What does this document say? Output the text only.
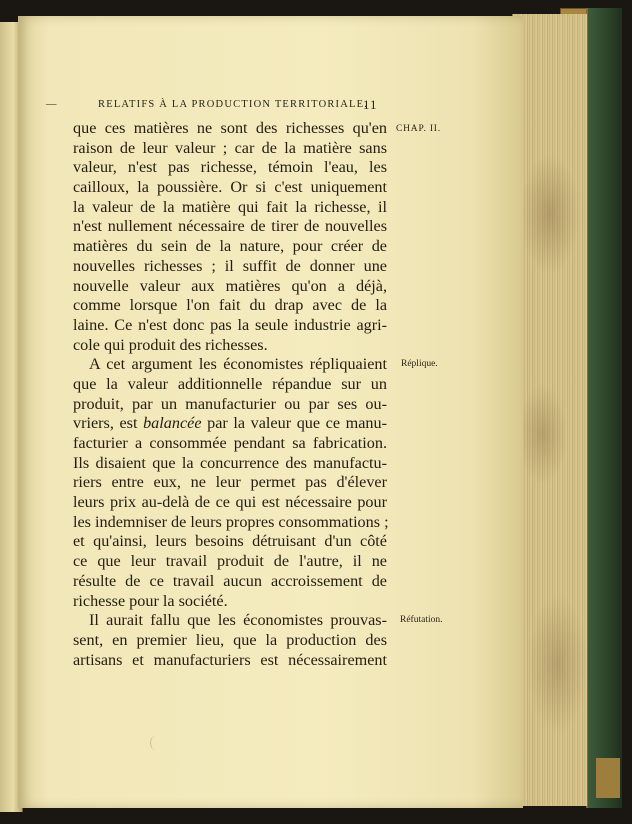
—	RELATIFS À LA PRODUCTION TERRITORIALE.
11
que ces matières ne sont des richesses qu'en
raison de leur valeur ; car de la matière sans
valeur, n'est pas richesse, témoin l'eau, les
cailloux, la poussière. Or si c'est uniquement
la valeur de la matière qui fait la richesse, il
n'est nullement nécessaire de tirer de nouvelles
matières du sein de la nature, pour créer de
nouvelles richesses ; il suffit de donner une
nouvelle valeur aux matières qu'on a déjà,
comme lorsque l'on fait du drap avec de la
laine. Ce n'est donc pas la seule industrie agri-
cole qui produit des richesses.
A cet argument les économistes répliquaient
que la valeur additionnelle répandue sur un
produit, par un manufacturier ou par ses ou-
vriers, est balancée par la valeur que ce manu-
facturier a consommée pendant sa fabrication.
Ils disaient que la concurrence des manufactu-
riers entre eux, ne leur permet pas d'élever
leurs prix au-delà de ce qui est nécessaire pour
les indemniser de leurs propres consommations ;
et qu'ainsi, leurs besoins détruisant d'un côté
ce que leur travail produit de l'autre, il ne
résulte de ce travail aucun accroissement de
richesse pour la société.
Il aurait fallu que les économistes prouvas-
sent, en premier lieu, que la production des
artisans et manufacturiers est nécessairement
CHAP. II.
Réplique.
Réfutation.
